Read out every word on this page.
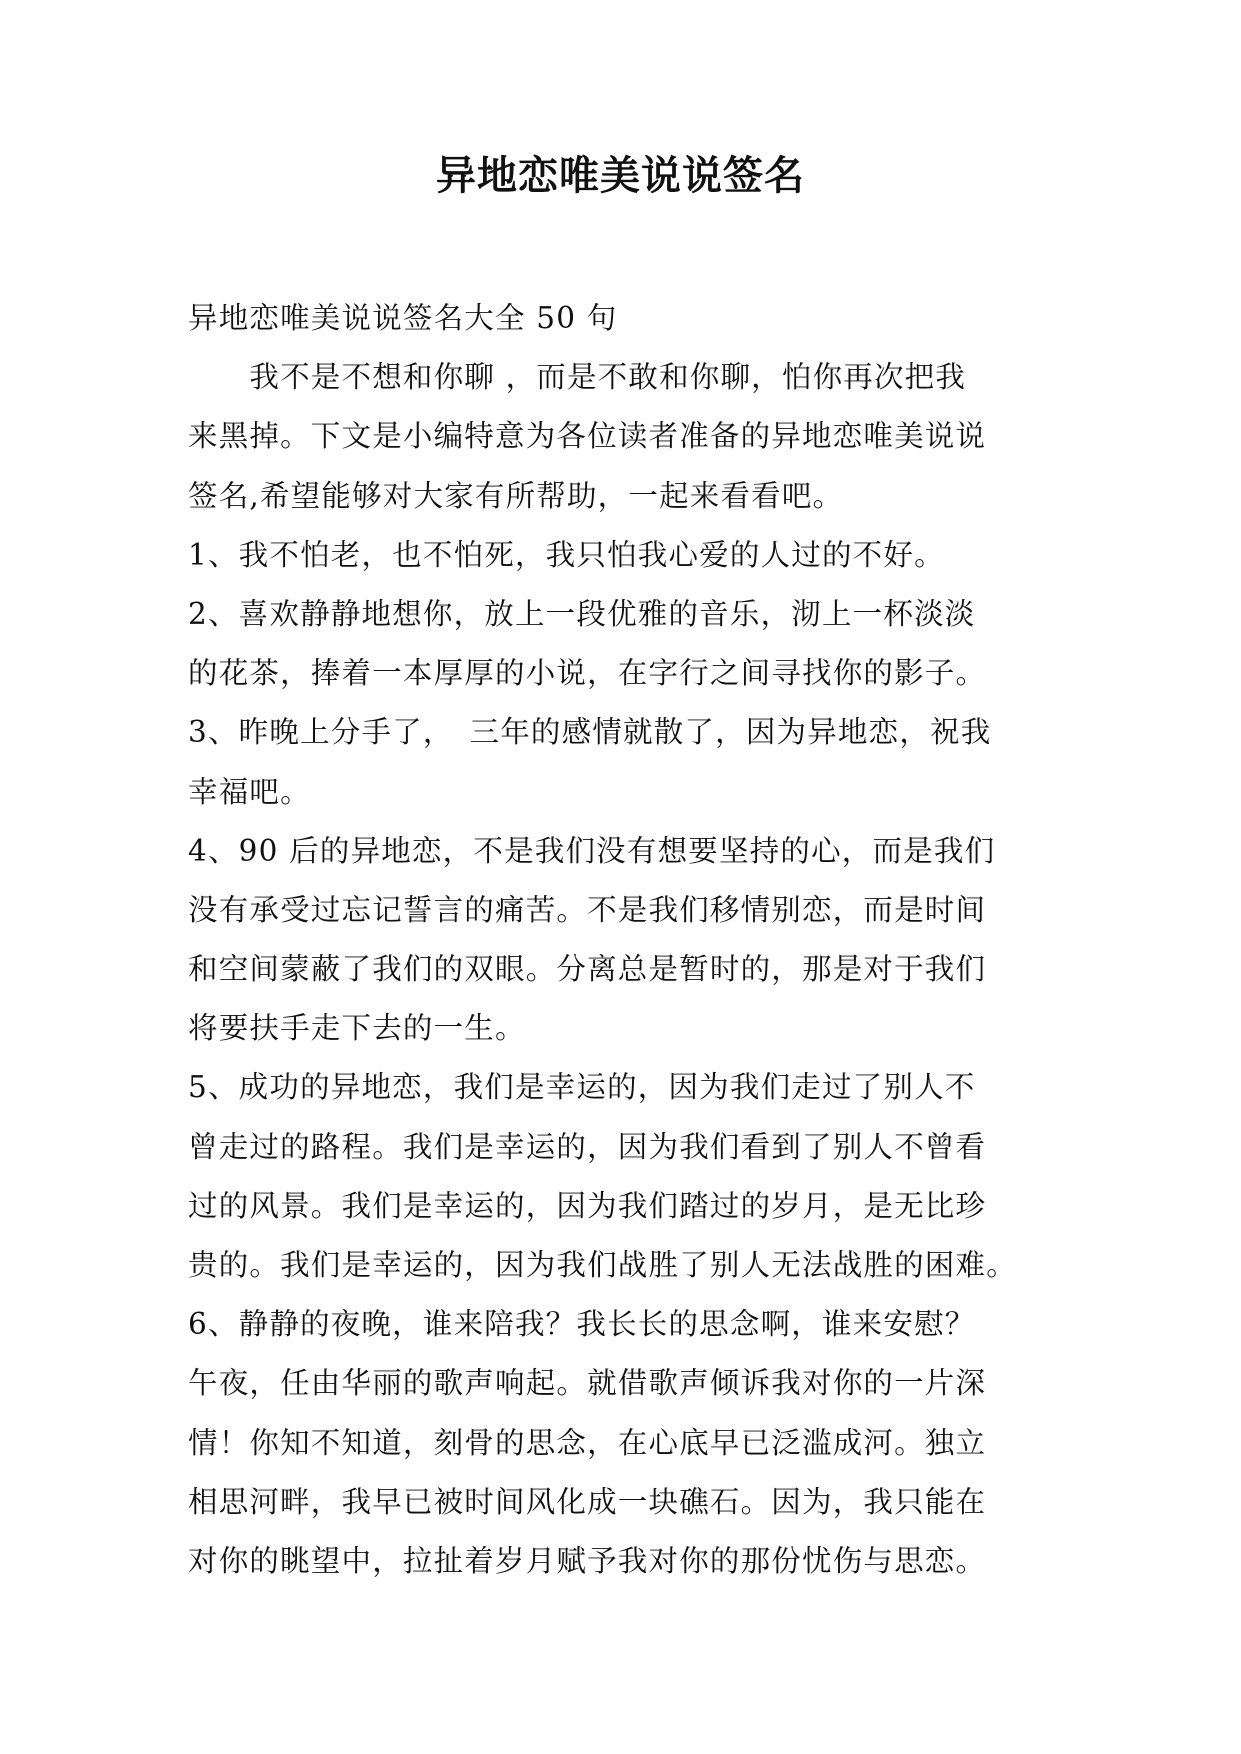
异地恋唯美说说签名
异地恋唯美说说签名大全 50 句
　　我不是不想和你聊 ，而是不敢和你聊，怕你再次把我
来黑掉。下文是小编特意为各位读者准备的异地恋唯美说说
签名,希望能够对大家有所帮助，一起来看看吧。
1、我不怕老，也不怕死，我只怕我心爱的人过的不好。
2、喜欢静静地想你，放上一段优雅的音乐，沏上一杯淡淡
的花茶，捧着一本厚厚的小说，在字行之间寻找你的影子。
3、昨晚上分手了，　三年的感情就散了，因为异地恋，祝我
幸福吧。
4、90 后的异地恋，不是我们没有想要坚持的心，而是我们
没有承受过忘记誓言的痛苦。不是我们移情别恋，而是时间
和空间蒙蔽了我们的双眼。分离总是暂时的，那是对于我们
将要扶手走下去的一生。
5、成功的异地恋，我们是幸运的，因为我们走过了别人不
曾走过的路程。我们是幸运的，因为我们看到了别人不曾看
过的风景。我们是幸运的，因为我们踏过的岁月，是无比珍
贵的。我们是幸运的，因为我们战胜了别人无法战胜的困难。
6、静静的夜晚，谁来陪我？我长长的思念啊，谁来安慰？
午夜，任由华丽的歌声响起。就借歌声倾诉我对你的一片深
情！你知不知道，刻骨的思念，在心底早已泛滥成河。独立
相思河畔，我早已被时间风化成一块礁石。因为，我只能在
对你的眺望中，拉扯着岁月赋予我对你的那份忧伤与思恋。
